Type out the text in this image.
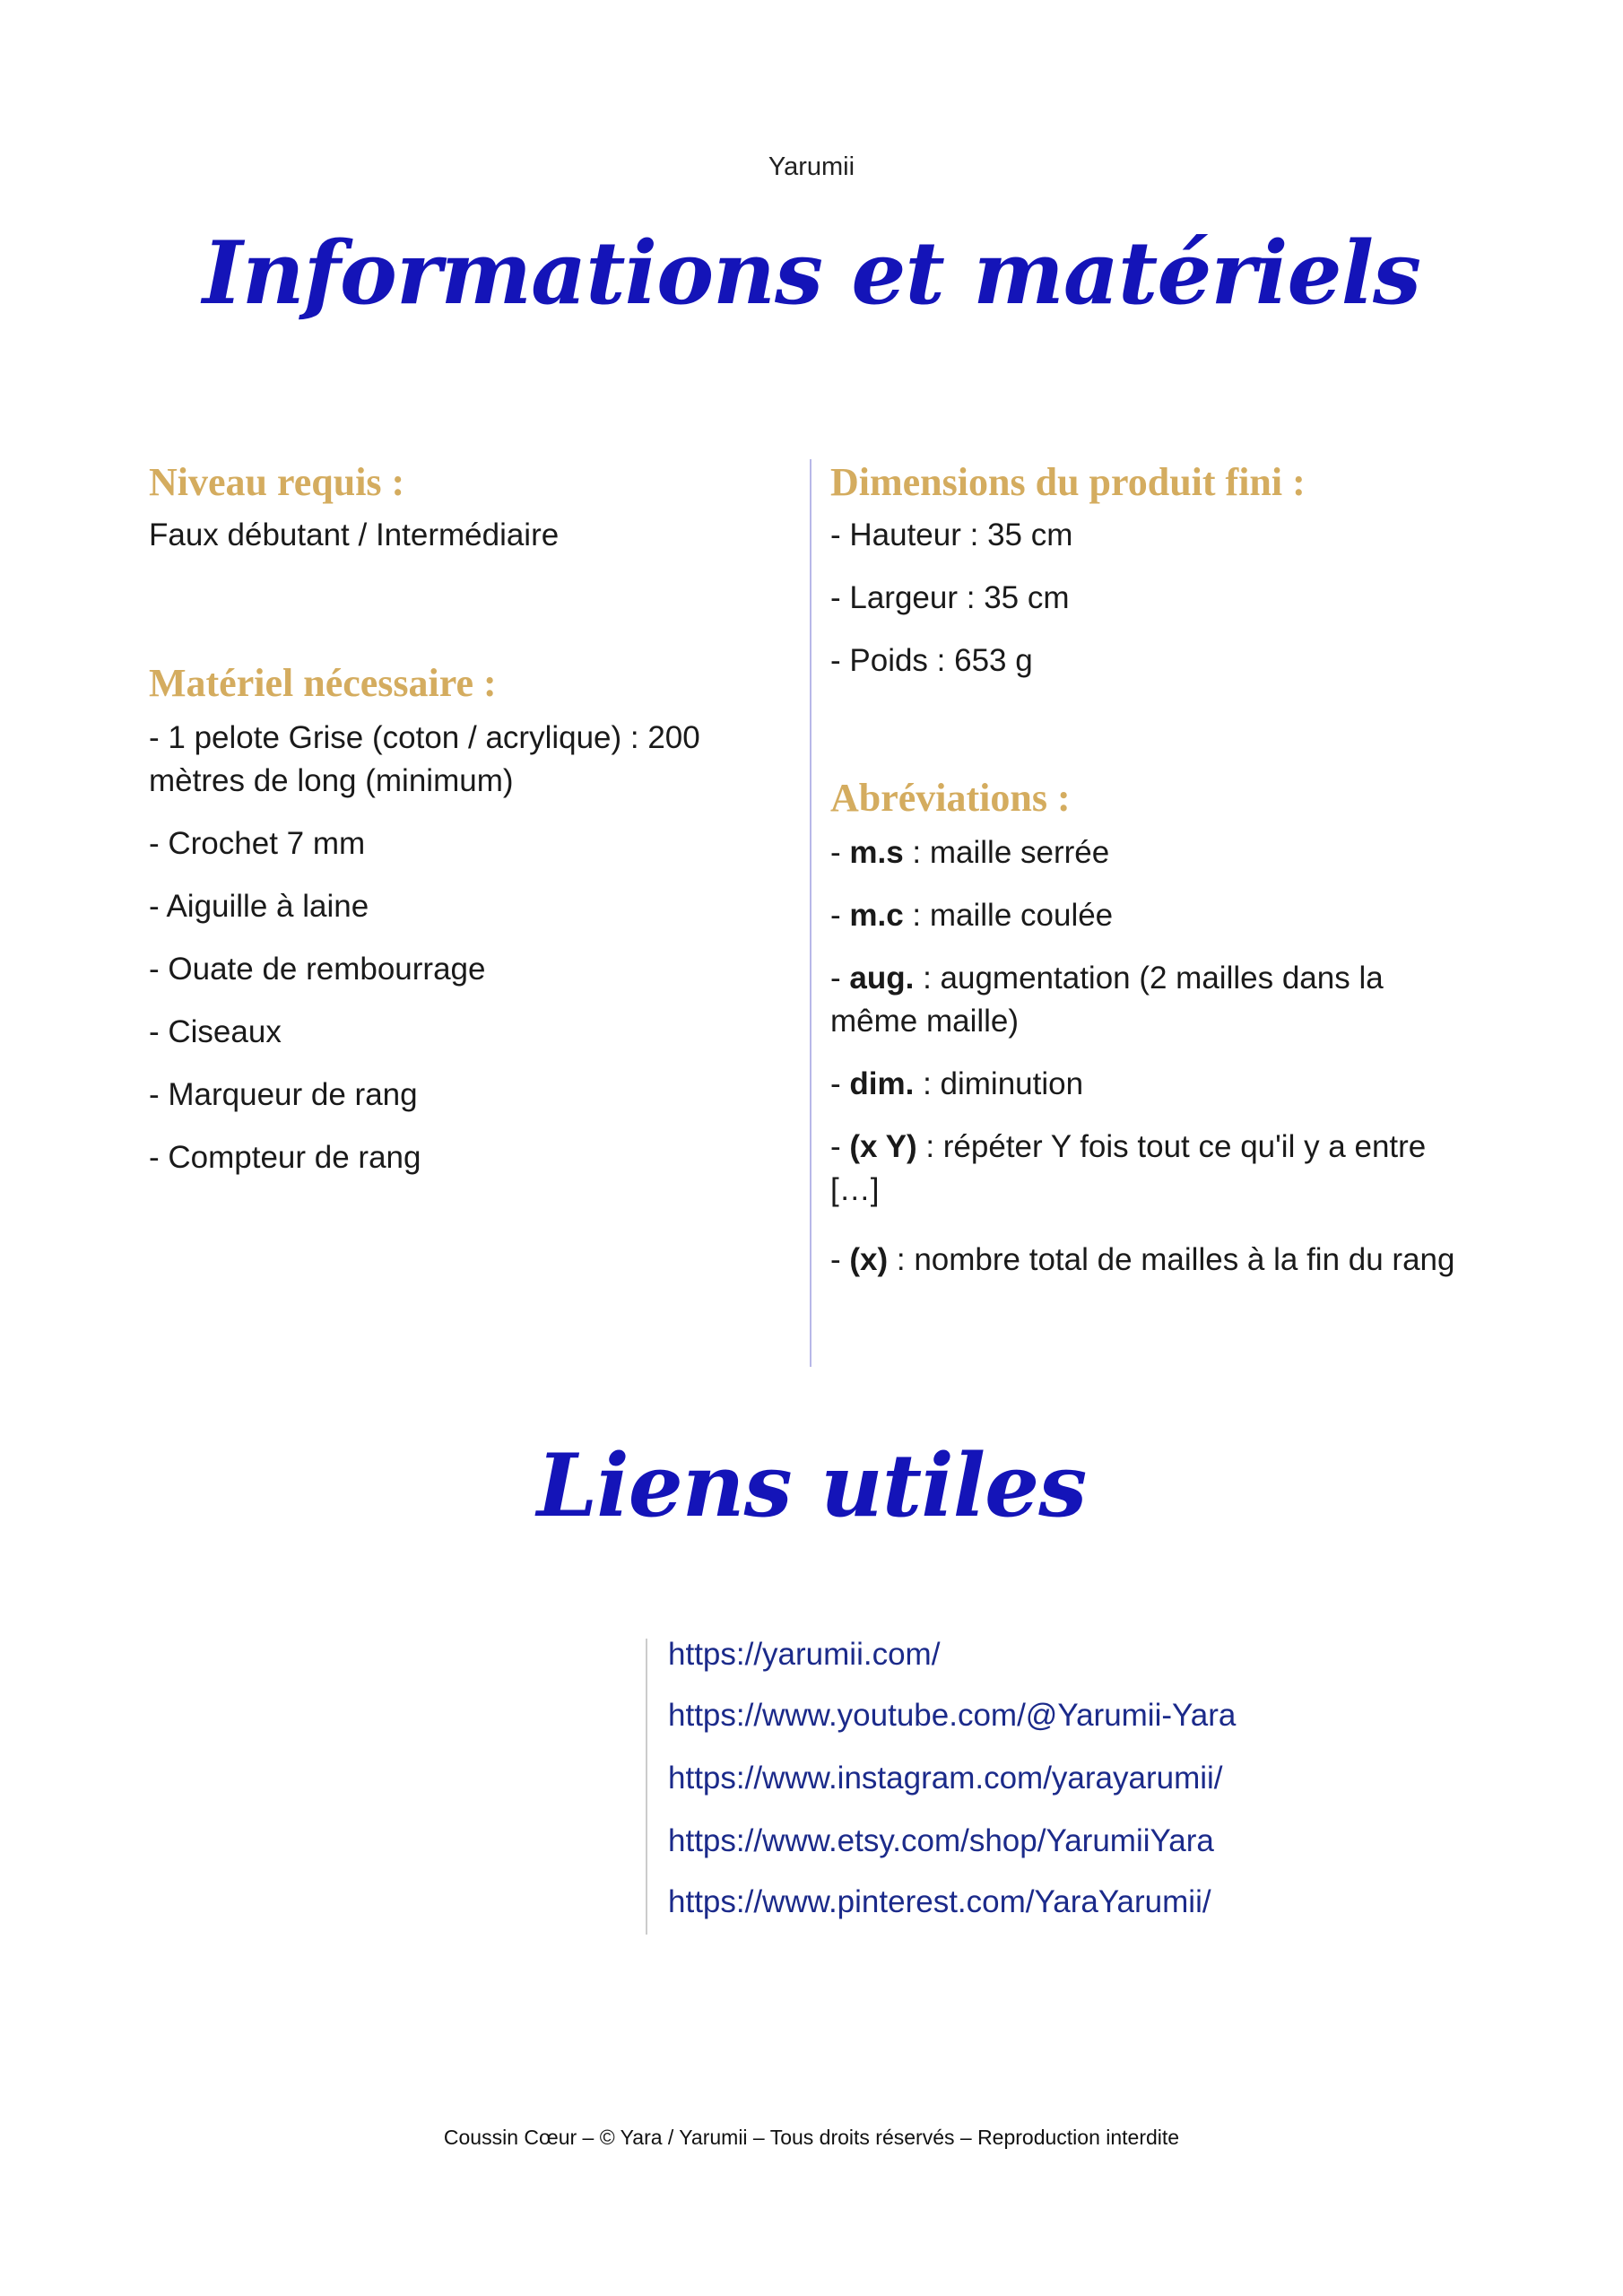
Yarumii
Informations et matériels
Niveau requis :

Faux débutant / Intermédiaire

Matériel nécessaire :
- 1 pelote Grise (coton / acrylique) : 200 mètres de long (minimum)
- Crochet 7 mm
- Aiguille à laine
- Ouate de rembourrage
- Ciseaux
- Marqueur de rang
- Compteur de rang
Dimensions du produit fini :
- Hauteur : 35 cm
- Largeur : 35 cm
- Poids : 653 g
Abréviations :
- m.s : maille serrée
- m.c : maille coulée
- aug. : augmentation (2 mailles dans la même maille)
- dim. : diminution
- (x Y) : répéter Y fois tout ce qu'il y a entre […]
- (x) : nombre total de mailles à la fin du rang
Liens utiles
https://yarumii.com/
https://www.youtube.com/@Yarumii-Yara
https://www.instagram.com/yarayarumii/
https://www.etsy.com/shop/YarumiiYara
https://www.pinterest.com/YaraYarumii/
Coussin Cœur – © Yara / Yarumii – Tous droits réservés – Reproduction interdite
